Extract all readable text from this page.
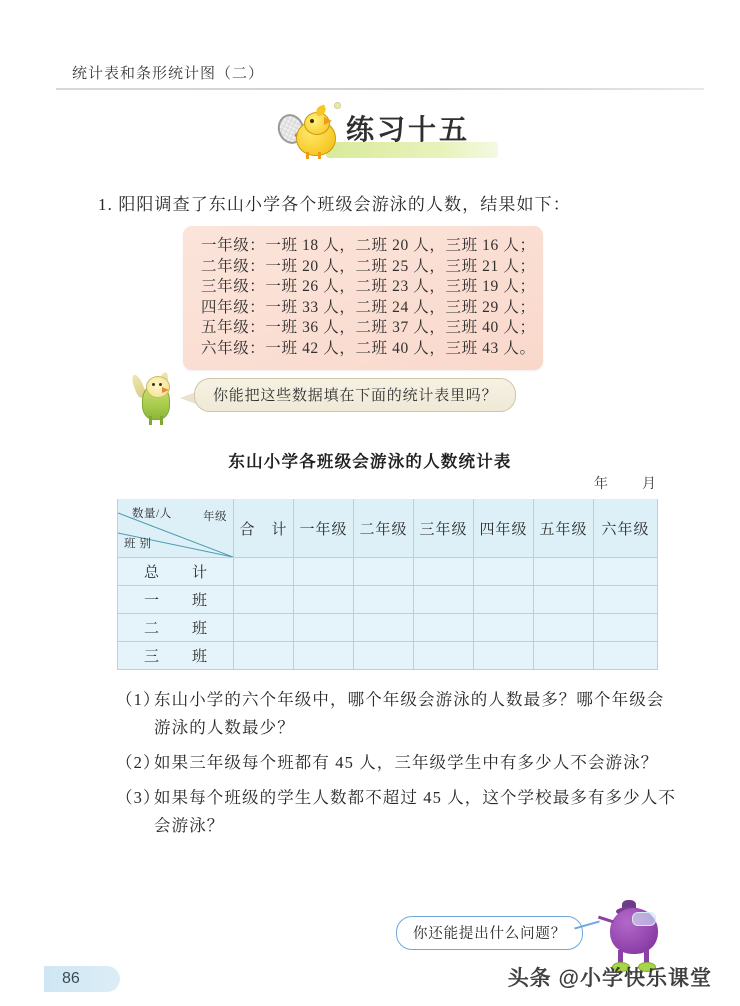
统计表和条形统计图（二）
练习十五
1. 阳阳调查了东山小学各个班级会游泳的人数，结果如下：
一年级：一班 18 人，二班 20 人，三班 16 人；
二年级：一班 20 人，二班 25 人，三班 21 人；
三年级：一班 26 人，二班 23 人，三班 19 人；
四年级：一班 33 人，二班 24 人，三班 29 人；
五年级：一班 36 人，二班 37 人，三班 40 人；
六年级：一班 42 人，二班 40 人，三班 43 人。
你能把这些数据填在下面的统计表里吗？
东山小学各班级会游泳的人数统计表
年　月
数量/人 年级
班别	合　计	一年级	二年级	三年级	四年级	五年级	六年级
总　计							
一　班							
二　班							
三　班							
（1）
东山小学的六个年级中，哪个年级会游泳的人数最多？哪个年级会游泳的人数最少？
（2）
如果三年级每个班都有 45 人，三年级学生中有多少人不会游泳？
（3）
如果每个班级的学生人数都不超过 45 人，这个学校最多有多少人不会游泳？
你还能提出什么问题？
86	头条 @小学快乐课堂
